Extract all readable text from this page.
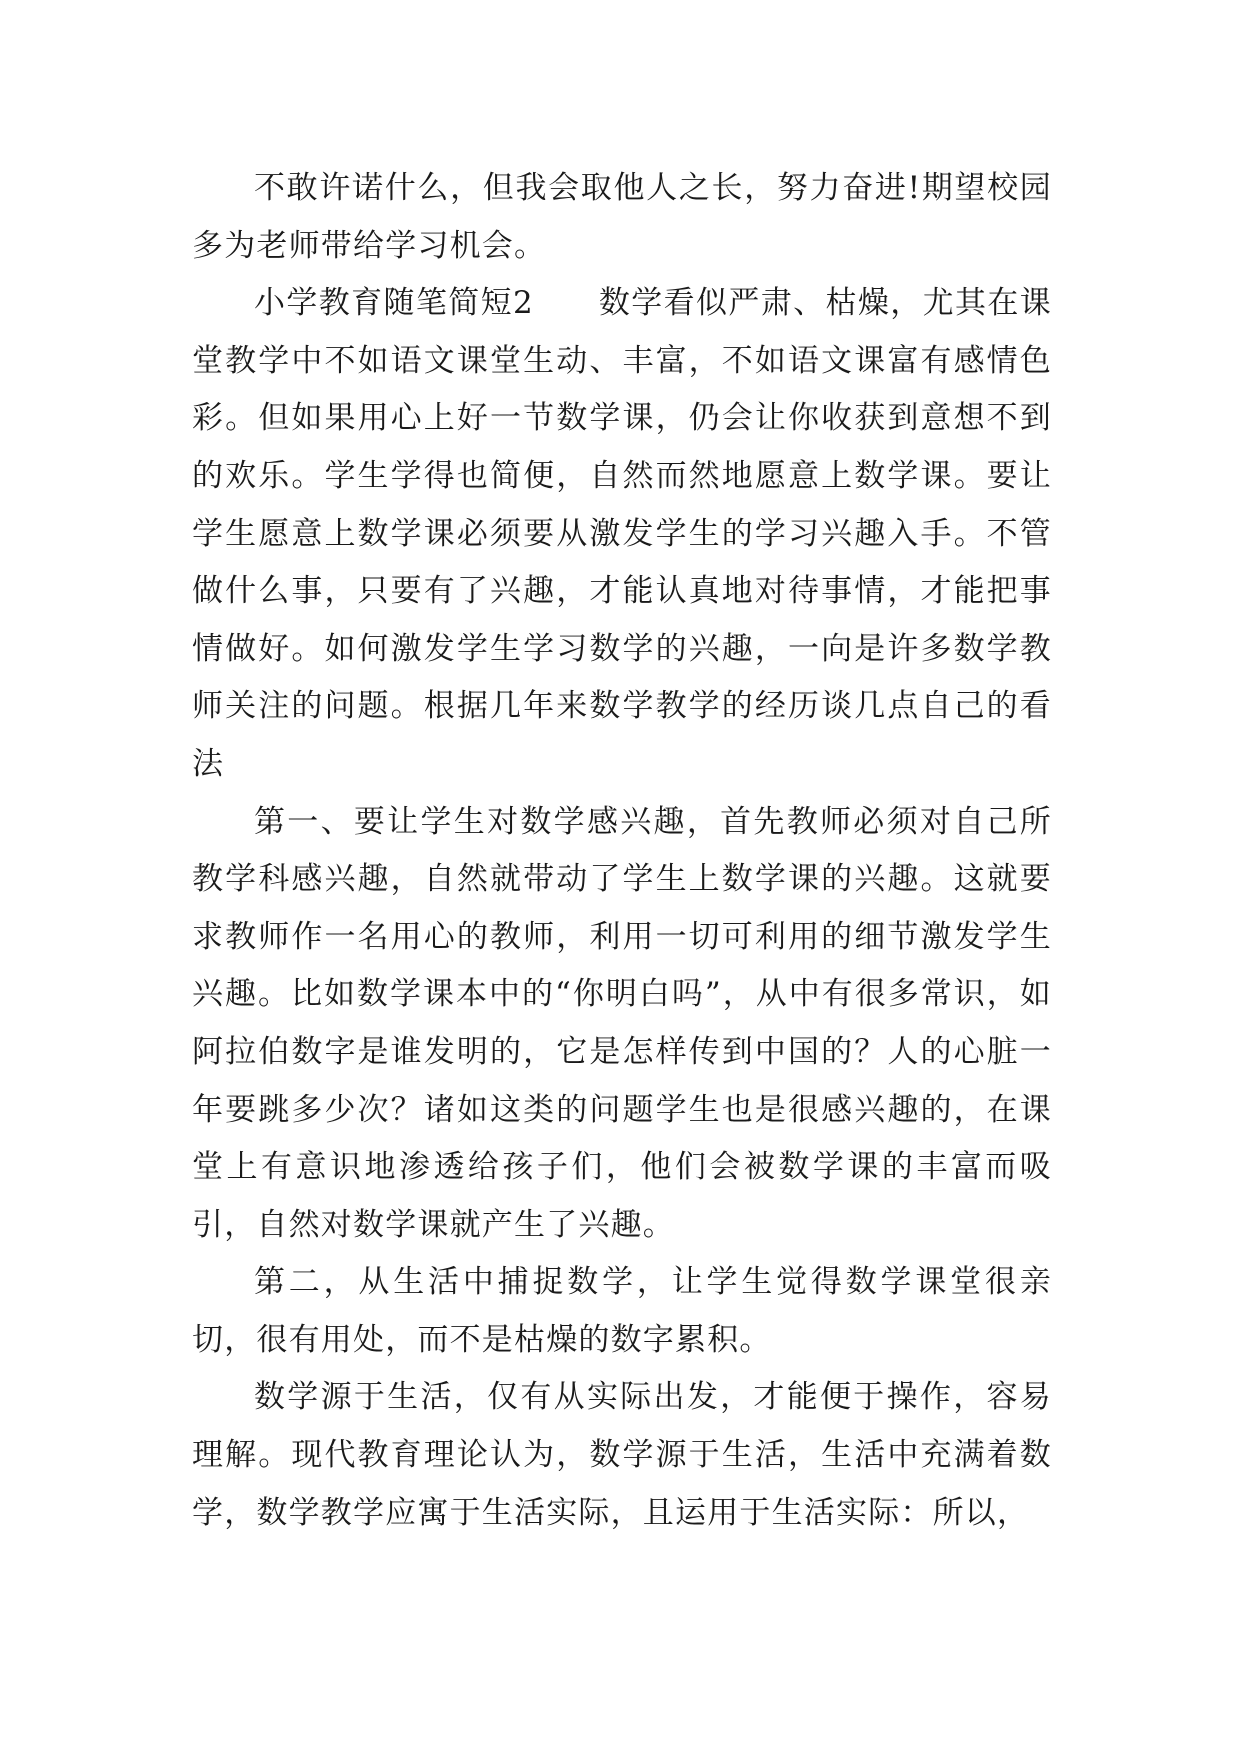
不敢许诺什么，但我会取他人之长，努力奋进!期望校园多为老师带给学习机会。

小学教育随笔简短2　　数学看似严肃、枯燥，尤其在课堂教学中不如语文课堂生动、丰富，不如语文课富有感情色彩。但如果用心上好一节数学课，仍会让你收获到意想不到的欢乐。学生学得也简便，自然而然地愿意上数学课。要让学生愿意上数学课必须要从激发学生的学习兴趣入手。不管做什么事，只要有了兴趣，才能认真地对待事情，才能把事情做好。如何激发学生学习数学的兴趣，一向是许多数学教师关注的问题。根据几年来数学教学的经历谈几点自己的看法

第一、要让学生对数学感兴趣，首先教师必须对自己所教学科感兴趣，自然就带动了学生上数学课的兴趣。这就要求教师作一名用心的教师，利用一切可利用的细节激发学生兴趣。比如数学课本中的“你明白吗”，从中有很多常识，如阿拉伯数字是谁发明的，它是怎样传到中国的？人的心脏一年要跳多少次？诸如这类的问题学生也是很感兴趣的，在课堂上有意识地渗透给孩子们，他们会被数学课的丰富而吸引，自然对数学课就产生了兴趣。

第二，从生活中捕捉数学，让学生觉得数学课堂很亲切，很有用处，而不是枯燥的数字累积。

数学源于生活，仅有从实际出发，才能便于操作，容易理解。现代教育理论认为，数学源于生活，生活中充满着数学，数学教学应寓于生活实际，且运用于生活实际：所以，
